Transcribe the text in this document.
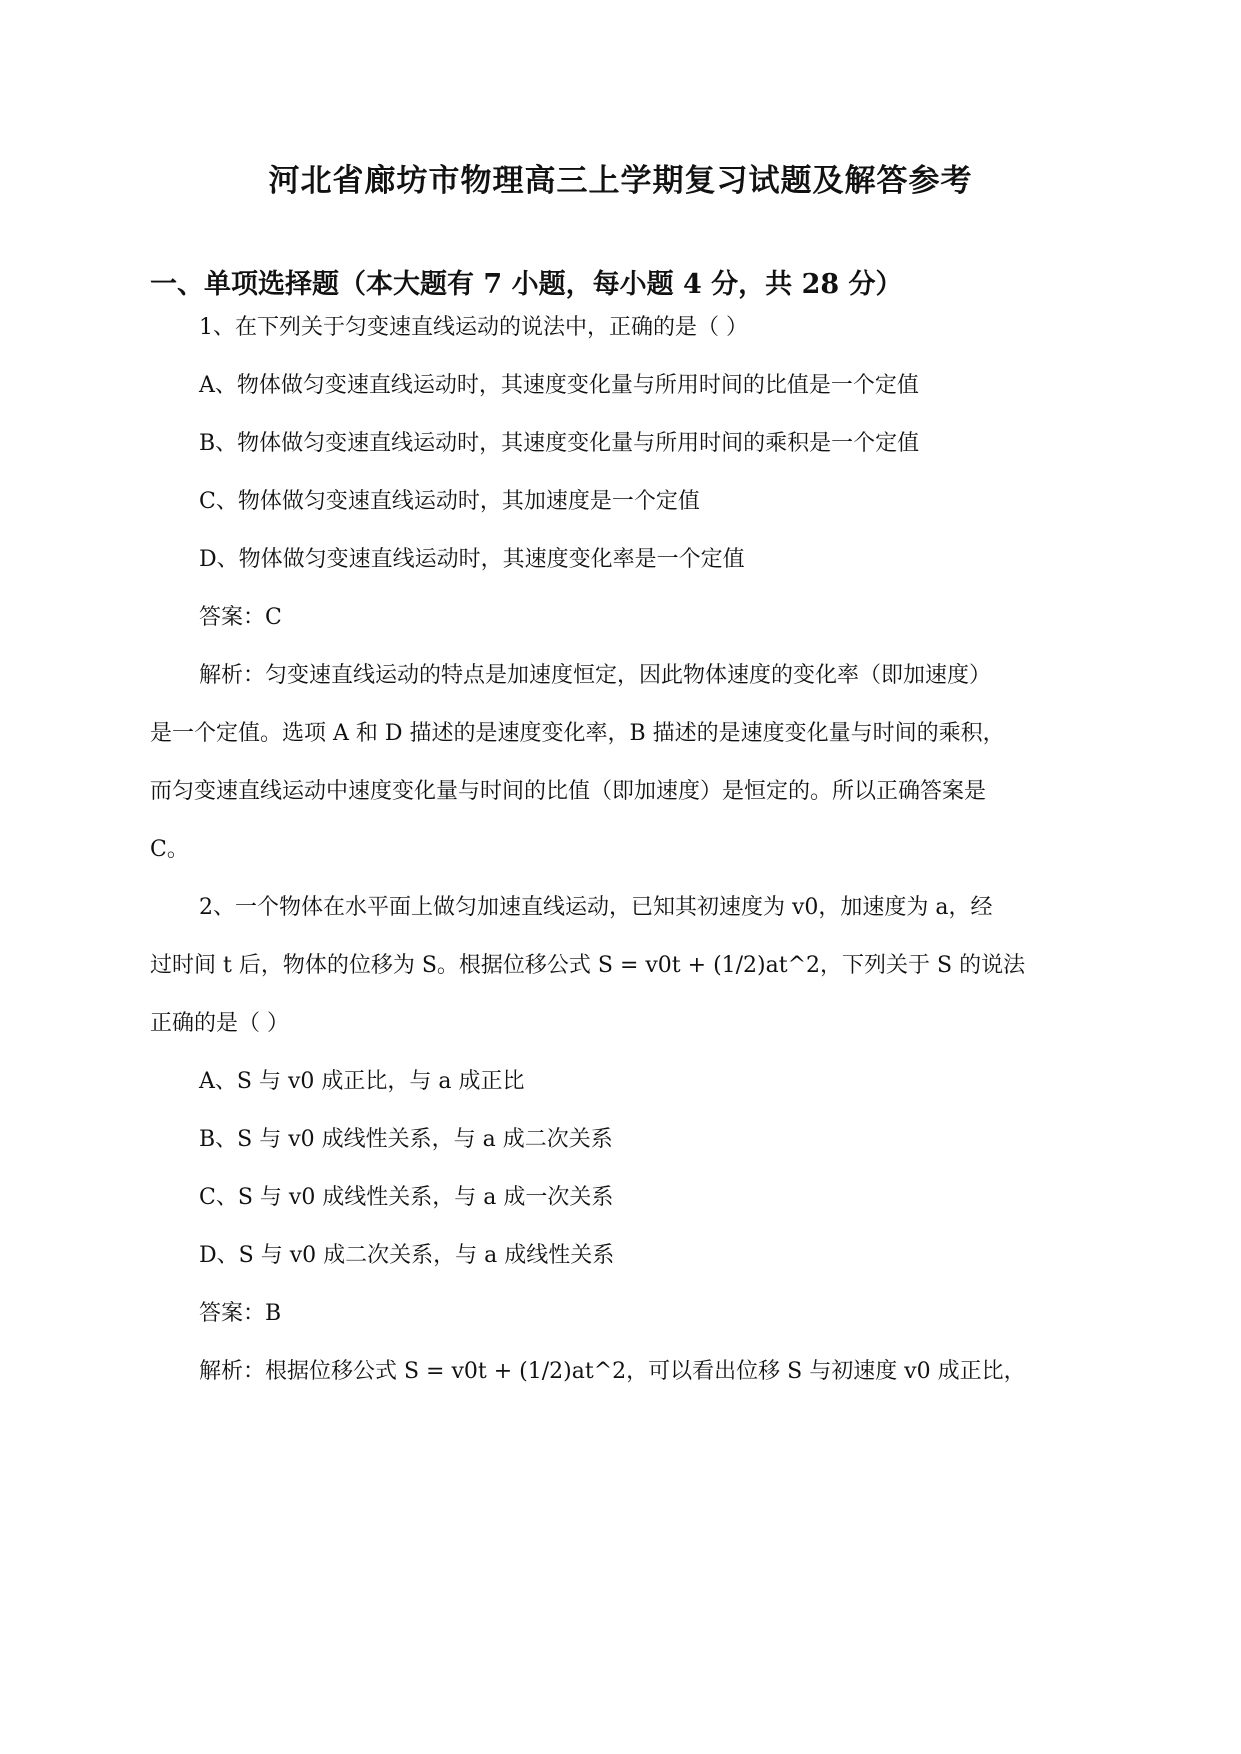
河北省廊坊市物理高三上学期复习试题及解答参考
一、单项选择题（本大题有 7 小题，每小题 4 分，共 28 分）
1、在下列关于匀变速直线运动的说法中，正确的是（ ）
A、物体做匀变速直线运动时，其速度变化量与所用时间的比值是一个定值
B、物体做匀变速直线运动时，其速度变化量与所用时间的乘积是一个定值
C、物体做匀变速直线运动时，其加速度是一个定值
D、物体做匀变速直线运动时，其速度变化率是一个定值
答案：C
解析：匀变速直线运动的特点是加速度恒定，因此物体速度的变化率（即加速度）
是一个定值。选项 A 和 D 描述的是速度变化率，B 描述的是速度变化量与时间的乘积，
而匀变速直线运动中速度变化量与时间的比值（即加速度）是恒定的。所以正确答案是
C。
2、一个物体在水平面上做匀加速直线运动，已知其初速度为 v0，加速度为 a，经
过时间 t 后，物体的位移为 S。根据位移公式 S = v0t + (1/2)at^2，下列关于 S 的说法
正确的是（ ）
A、S 与 v0 成正比，与 a 成正比
B、S 与 v0 成线性关系，与 a 成二次关系
C、S 与 v0 成线性关系，与 a 成一次关系
D、S 与 v0 成二次关系，与 a 成线性关系
答案：B
解析：根据位移公式 S = v0t + (1/2)at^2，可以看出位移 S 与初速度 v0 成正比，
